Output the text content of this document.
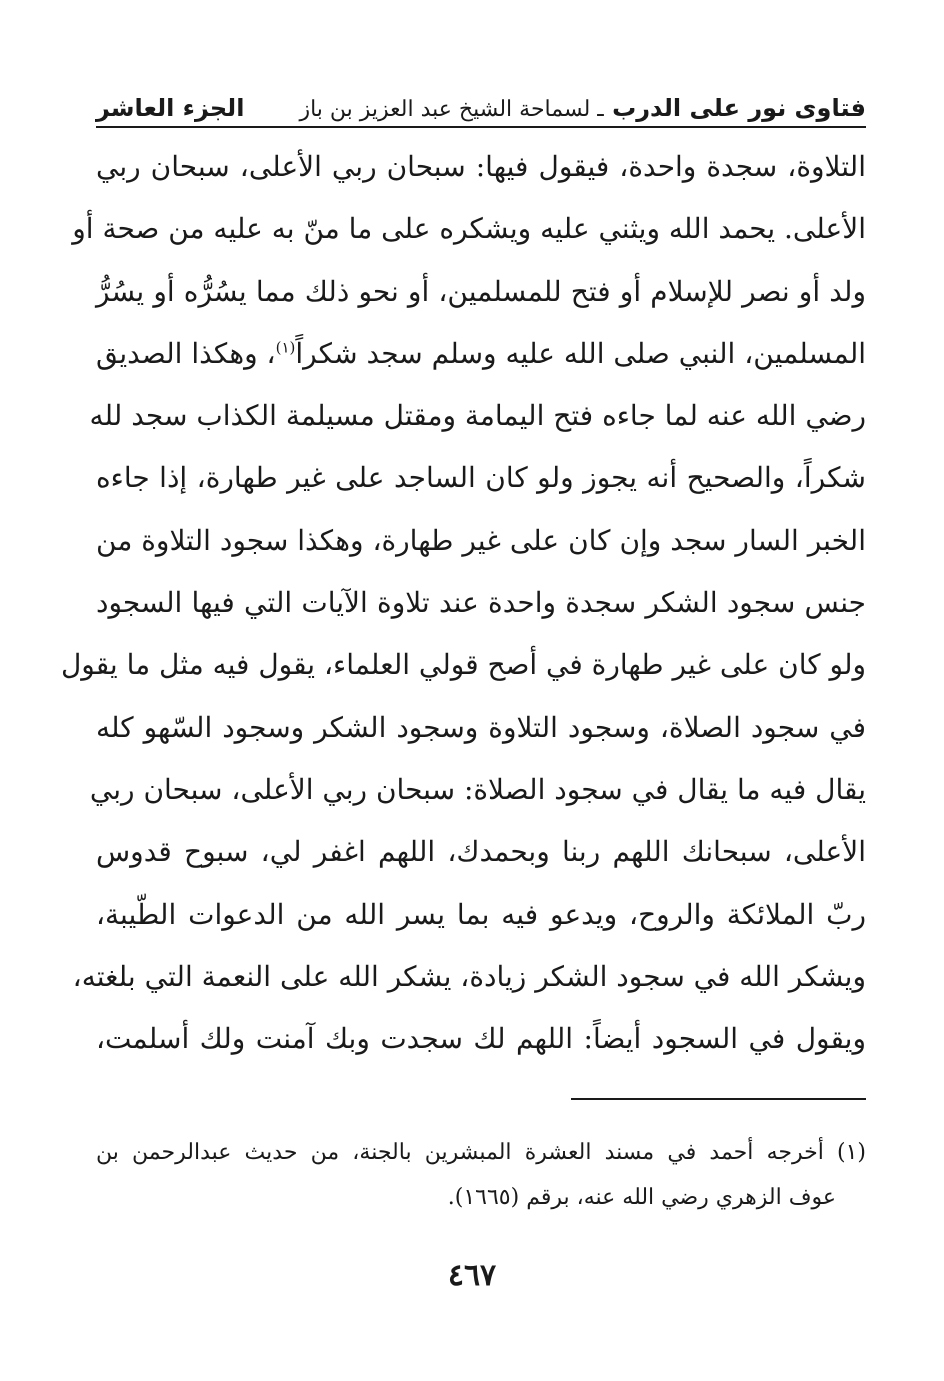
فتاوى نور على الدرب ـ لسماحة الشيخ عبد العزيز بن باز
الجزء العاشر
التلاوة، سجدة واحدة، فيقول فيها: سبحان ربي الأعلى، سبحان ربي
الأعلى. يحمد الله ويثني عليه ويشكره على ما منّ به عليه من صحة أو
ولد أو نصر للإسلام أو فتح للمسلمين، أو نحو ذلك مما يسُرُّه أو يسُرُّ
المسلمين، النبي صلى الله عليه وسلم سجد شكراً$^{(١)}$، وهكذا الصديق
رضي الله عنه لما جاءه فتح اليمامة ومقتل مسيلمة الكذاب سجد لله
شكراً، والصحيح أنه يجوز ولو كان الساجد على غير طهارة، إذا جاءه
الخبر السار سجد وإن كان على غير طهارة، وهكذا سجود التلاوة من
جنس سجود الشكر سجدة واحدة عند تلاوة الآيات التي فيها السجود
ولو كان على غير طهارة في أصح قولي العلماء، يقول فيه مثل ما يقول
في سجود الصلاة، وسجود التلاوة وسجود الشكر وسجود السّهو كله
يقال فيه ما يقال في سجود الصلاة: سبحان ربي الأعلى، سبحان ربي
الأعلى، سبحانك اللهم ربنا وبحمدك، اللهم اغفر لي، سبوح قدوس
ربّ الملائكة والروح، ويدعو فيه بما يسر الله من الدعوات الطّيبة،
ويشكر الله في سجود الشكر زيادة، يشكر الله على النعمة التي بلغته،
ويقول في السجود أيضاً: اللهم لك سجدت وبك آمنت ولك أسلمت،
(١) أخرجه أحمد في مسند العشرة المبشرين بالجنة، من حديث عبدالرحمن بن
عوف الزهري رضي الله عنه، برقم (١٦٦٥).
٤٦٧
